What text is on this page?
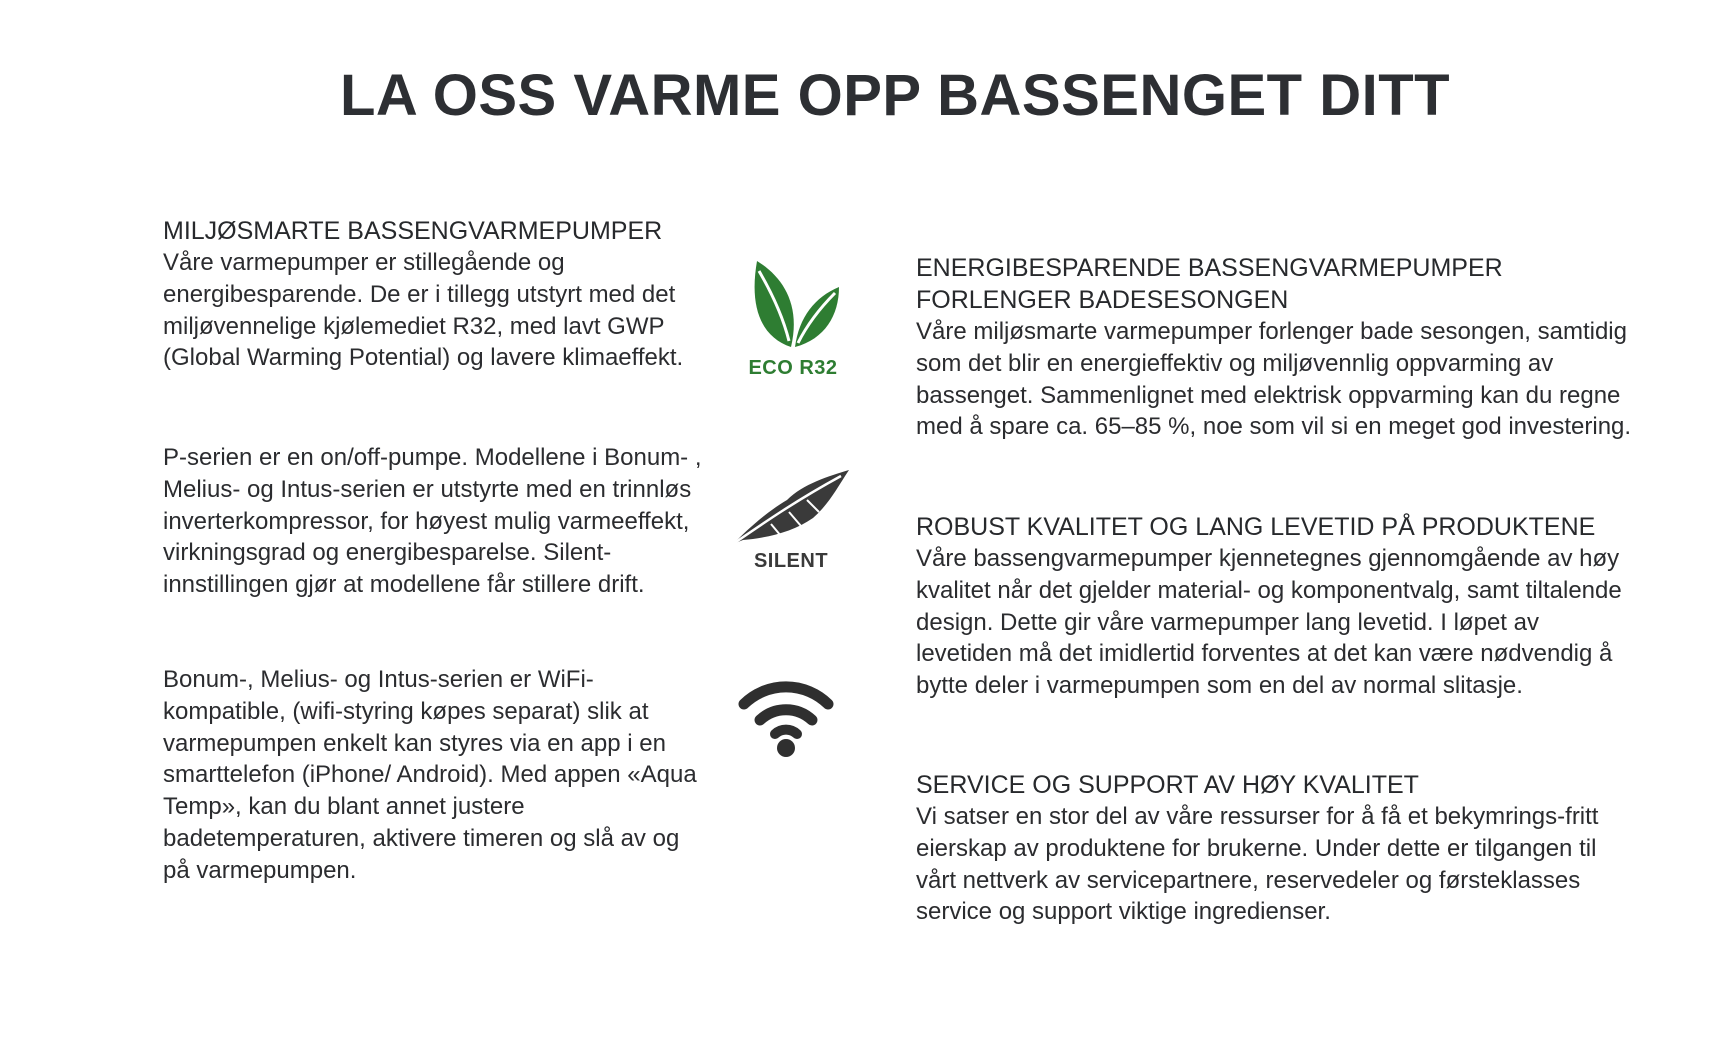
LA OSS VARME OPP BASSENGET DITT
MILJØSMARTE BASSENGVARMEPUMPER

Våre varmepumper er stillegående og energibesparende. De er i tillegg utstyrt med det miljøvennelige kjølemediet R32, med lavt GWP (Global Warming Potential) og lavere klimaeffekt.

P-serien er en on/off-pumpe. Modellene i Bonum- , Melius- og Intus-serien er utstyrte med en trinnløs inverterkompressor, for høyest mulig varmeeffekt, virkningsgrad og energibesparelse. Silent-innstillingen gjør at modellene får stillere drift.

Bonum-, Melius- og Intus-serien er WiFi-kompatible, (wifi-styring køpes separat) slik at varmepumpen enkelt kan styres via en app i en smarttelefon (iPhone/ Android). Med appen «Aqua Temp», kan du blant annet justere badetemperaturen, aktivere timeren og slå av og på varmepumpen.

ECO R32
SILENT
ENERGIBESPARENDE BASSENGVARMEPUMPER FORLENGER BADESESONGEN

Våre miljøsmarte varmepumper forlenger bade sesongen, samtidig som det blir en energieffektiv og miljøvennlig oppvarming av bassenget. Sammenlignet med elektrisk oppvarming kan du regne med å spare ca. 65–85 %, noe som vil si en meget god investering.

ROBUST KVALITET OG LANG LEVETID PÅ PRODUKTENE

Våre bassengvarmepumper kjennetegnes gjennomgående av høy kvalitet når det gjelder material- og komponentvalg, samt tiltalende design. Dette gir våre varmepumper lang levetid. I løpet av levetiden må det imidlertid forventes at det kan være nødvendig å bytte deler i varmepumpen som en del av normal slitasje.

SERVICE OG SUPPORT AV HØY KVALITET

Vi satser en stor del av våre ressurser for å få et bekymrings-fritt eierskap av produktene for brukerne. Under dette er tilgangen til vårt nettverk av servicepartnere, reservedeler og førsteklasses service og support viktige ingredienser.
